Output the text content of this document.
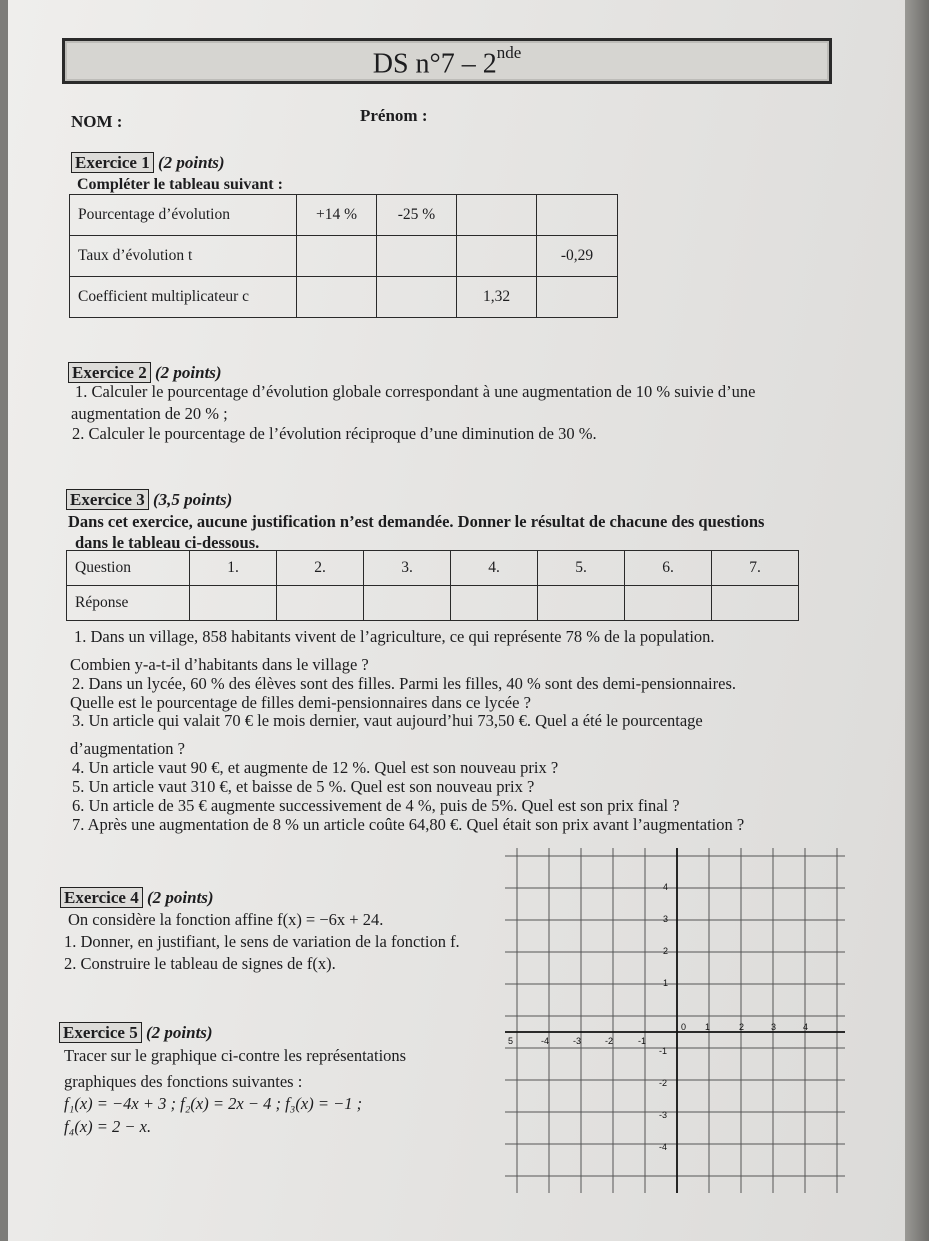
DS n°7 – 2nde
NOM :	Prénom :
Exercice 1 (2 points)
Compléter le tableau suivant :
Pourcentage d’évolution	+14 %	-25 %		
Taux d’évolution t				-0,29
Coefficient multiplicateur c			1,32	
Exercice 2 (2 points)
1. Calculer le pourcentage d’évolution globale correspondant à une augmentation de 10 % suivie d’une
augmentation de 20 % ;
2. Calculer le pourcentage de l’évolution réciproque d’une diminution de 30 %.
Exercice 3 (3,5 points)
Dans cet exercice, aucune justification n’est demandée. Donner le résultat de chacune des questions
dans le tableau ci-dessous.
Question	1.	2.	3.	4.	5.	6.	7.
Réponse							
1. Dans un village, 858 habitants vivent de l’agriculture, ce qui représente 78 % de la population.
Combien y-a-t-il d’habitants dans le village ?
2. Dans un lycée, 60 % des élèves sont des filles. Parmi les filles, 40 % sont des demi-pensionnaires.
Quelle est le pourcentage de filles demi-pensionnaires dans ce lycée ?
3. Un article qui valait 70 € le mois dernier, vaut aujourd’hui 73,50 €. Quel a été le pourcentage
d’augmentation ?
4. Un article vaut 90 €, et augmente de 12 %. Quel est son nouveau prix ?
5. Un article vaut 310 €, et baisse de 5 %. Quel est son nouveau prix ?
6. Un article de 35 € augmente successivement de 4 %, puis de 5%. Quel est son prix final ?
7. Après une augmentation de 8 % un article coûte 64,80 €. Quel était son prix avant l’augmentation ?
Exercice 4 (2 points)
On considère la fonction affine f(x) = −6x + 24.
1. Donner, en justifiant, le sens de variation de la fonction f.
2. Construire le tableau de signes de f(x).
Exercice 5 (2 points)
Tracer sur le graphique ci-contre les représentations
graphiques des fonctions suivantes :
f₁(x) = −4x + 3 ; f₂(x) = 2x − 4 ; f₃(x) = −1 ;
f₄(x) = 2 − x.
5	-4	-3	-2	-1
0 1	2	3	4
4
3
2
1
-1
-2
-3
-4
